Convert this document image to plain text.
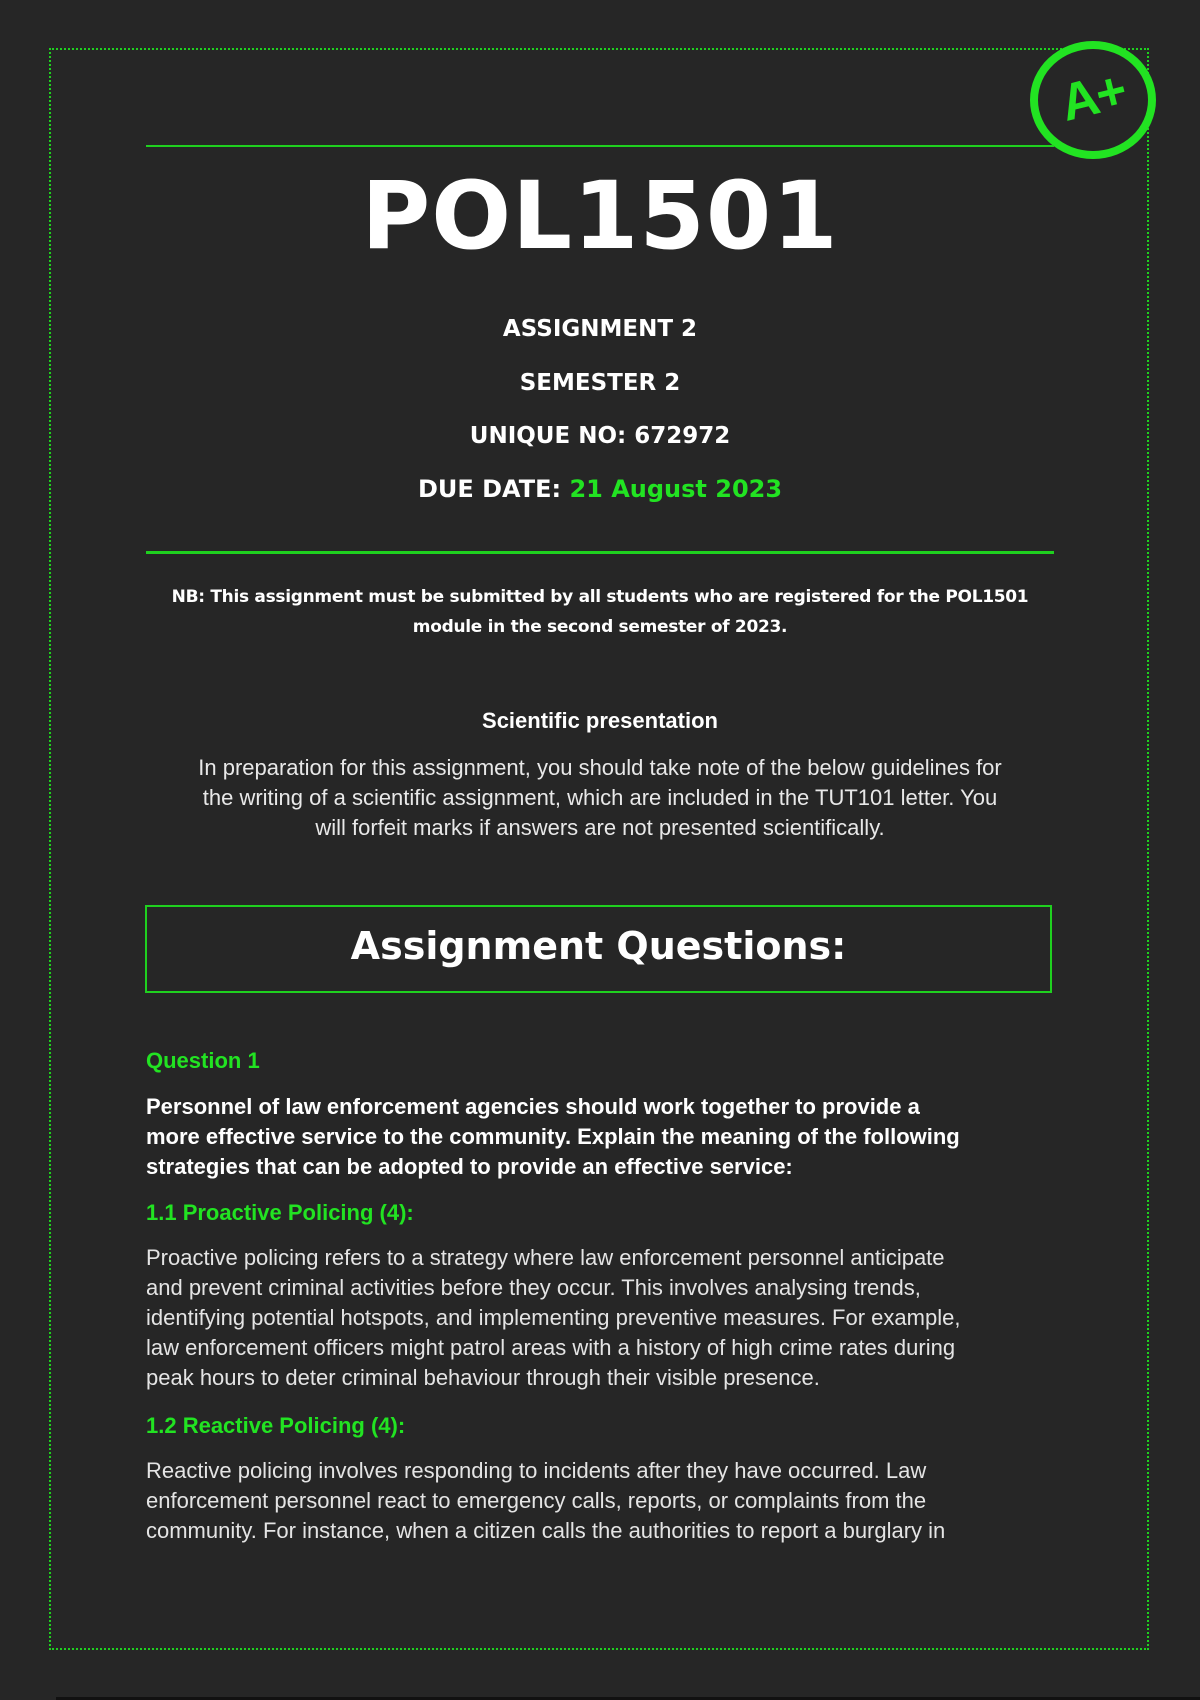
A+
POL1501
ASSIGNMENT 2
SEMESTER 2
UNIQUE NO: 672972
DUE DATE: 21 August 2023
NB: This assignment must be submitted by all students who are registered for the POL1501
module in the second semester of 2023.
Scientific presentation
In preparation for this assignment, you should take note of the below guidelines for
the writing of a scientific assignment, which are included in the TUT101 letter. You
will forfeit marks if answers are not presented scientifically.
Assignment Questions:
Question 1
Personnel of law enforcement agencies should work together to provide a
more effective service to the community. Explain the meaning of the following
strategies that can be adopted to provide an effective service:
1.1 Proactive Policing (4):
Proactive policing refers to a strategy where law enforcement personnel anticipate
and prevent criminal activities before they occur. This involves analysing trends,
identifying potential hotspots, and implementing preventive measures. For example,
law enforcement officers might patrol areas with a history of high crime rates during
peak hours to deter criminal behaviour through their visible presence.
1.2 Reactive Policing (4):
Reactive policing involves responding to incidents after they have occurred. Law
enforcement personnel react to emergency calls, reports, or complaints from the
community. For instance, when a citizen calls the authorities to report a burglary in
